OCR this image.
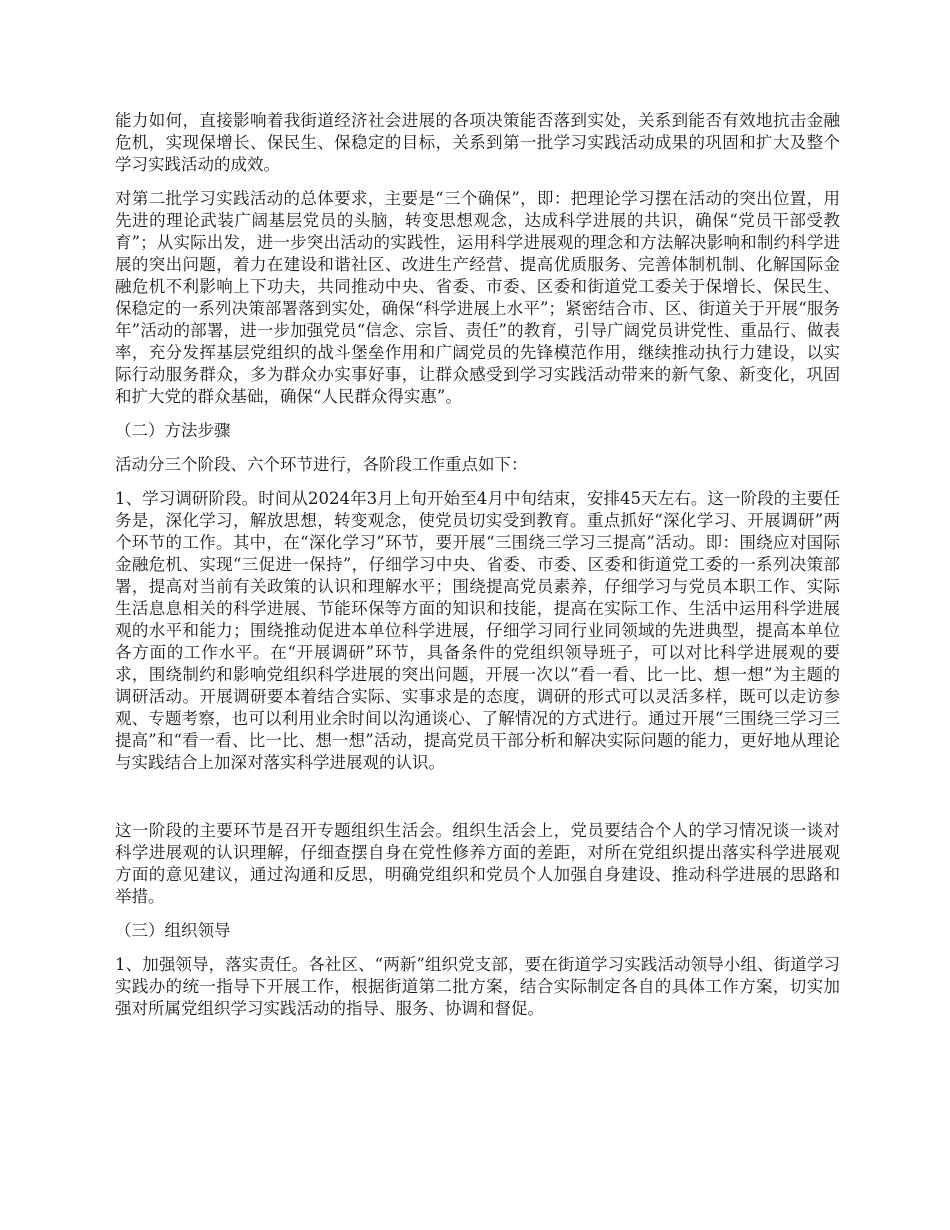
能力如何，直接影响着我街道经济社会进展的各项决策能否落到实处，关系到能否有效地抗击金融危机，实现保增长、保民生、保稳定的目标，关系到第一批学习实践活动成果的巩固和扩大及整个学习实践活动的成效。

对第二批学习实践活动的总体要求，主要是“三个确保”，即：把理论学习摆在活动的突出位置，用先进的理论武装广阔基层党员的头脑，转变思想观念，达成科学进展的共识，确保“党员干部受教育”；从实际出发，进一步突出活动的实践性，运用科学进展观的理念和方法解决影响和制约科学进展的突出问题，着力在建设和谐社区、改进生产经营、提高优质服务、完善体制机制、化解国际金融危机不利影响上下功夫，共同推动中央、省委、市委、区委和街道党工委关于保增长、保民生、保稳定的一系列决策部署落到实处，确保“科学进展上水平”；紧密结合市、区、街道关于开展“服务年”活动的部署，进一步加强党员“信念、宗旨、责任”的教育，引导广阔党员讲党性、重品行、做表率，充分发挥基层党组织的战斗堡垒作用和广阔党员的先锋模范作用，继续推动执行力建设，以实际行动服务群众，多为群众办实事好事，让群众感受到学习实践活动带来的新气象、新变化，巩固和扩大党的群众基础，确保“人民群众得实惠”。

（二）方法步骤

活动分三个阶段、六个环节进行，各阶段工作重点如下：

1、学习调研阶段。时间从2024年3月上旬开始至4月中旬结束，安排45天左右。这一阶段的主要任务是，深化学习，解放思想，转变观念，使党员切实受到教育。重点抓好“深化学习、开展调研”两个环节的工作。其中，在“深化学习”环节，要开展“三围绕三学习三提高”活动。即：围绕应对国际金融危机、实现“三促进一保持”，仔细学习中央、省委、市委、区委和街道党工委的一系列决策部署，提高对当前有关政策的认识和理解水平；围绕提高党员素养，仔细学习与党员本职工作、实际生活息息相关的科学进展、节能环保等方面的知识和技能，提高在实际工作、生活中运用科学进展观的水平和能力；围绕推动促进本单位科学进展，仔细学习同行业同领域的先进典型，提高本单位各方面的工作水平。在“开展调研”环节，具备条件的党组织领导班子，可以对比科学进展观的要求，围绕制约和影响党组织科学进展的突出问题，开展一次以“看一看、比一比、想一想”为主题的调研活动。开展调研要本着结合实际、实事求是的态度，调研的形式可以灵活多样，既可以走访参观、专题考察，也可以利用业余时间以沟通谈心、了解情况的方式进行。通过开展“三围绕三学习三提高”和“看一看、比一比、想一想”活动，提高党员干部分析和解决实际问题的能力，更好地从理论与实践结合上加深对落实科学进展观的认识。

这一阶段的主要环节是召开专题组织生活会。组织生活会上，党员要结合个人的学习情况谈一谈对科学进展观的认识理解，仔细查摆自身在党性修养方面的差距，对所在党组织提出落实科学进展观方面的意见建议，通过沟通和反思，明确党组织和党员个人加强自身建设、推动科学进展的思路和举措。

（三）组织领导

1、加强领导，落实责任。各社区、“两新”组织党支部，要在街道学习实践活动领导小组、街道学习实践办的统一指导下开展工作，根据街道第二批方案，结合实际制定各自的具体工作方案，切实加强对所属党组织学习实践活动的指导、服务、协调和督促。
